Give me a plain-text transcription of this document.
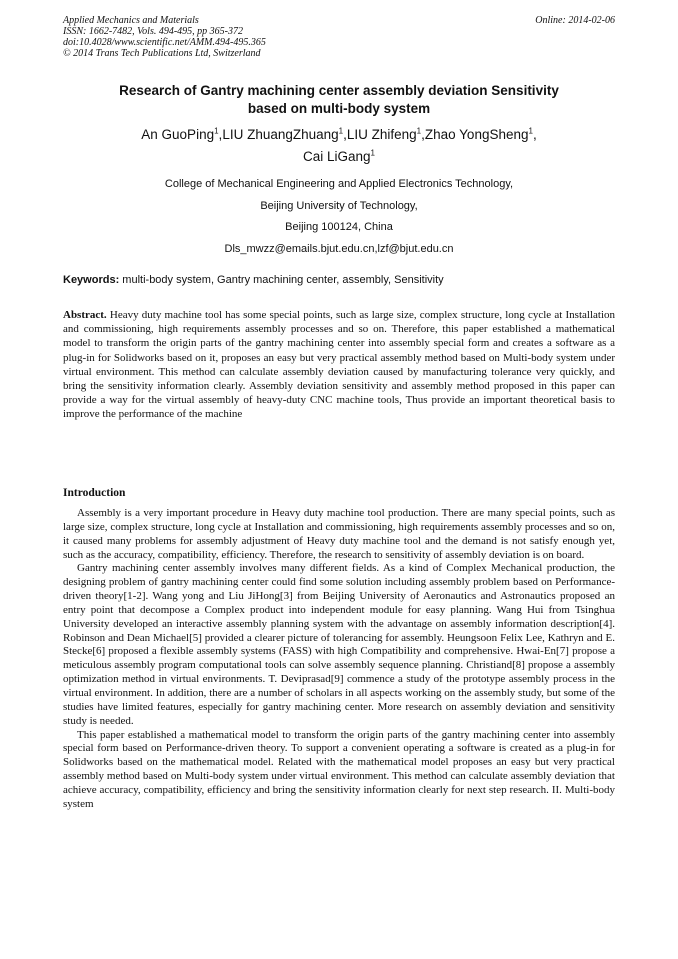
Applied Mechanics and Materials
ISSN: 1662-7482, Vols. 494-495, pp 365-372
doi:10.4028/www.scientific.net/AMM.494-495.365
© 2014 Trans Tech Publications Ltd, Switzerland
Online: 2014-02-06
Research of Gantry machining center assembly deviation Sensitivity
based on multi-body system
An GuoPing$^1$,LIU ZhuangZhuang$^1$,LIU Zhifeng$^1$,Zhao YongSheng$^1$,
Cai LiGang$^1$
College of Mechanical Engineering and Applied Electronics Technology,
Beijing University of Technology,
Beijing 100124, China
Dls_mwzz@emails.bjut.edu.cn,lzf@bjut.edu.cn
Keywords: multi-body system, Gantry machining center, assembly, Sensitivity
Abstract. Heavy duty machine tool has some special points, such as large size, complex structure, long cycle at Installation and commissioning, high requirements assembly processes and so on. Therefore, this paper established a mathematical model to transform the origin parts of the gantry machining center into assembly special form and creates a software as a plug-in for Solidworks based on it, proposes an easy but very practical assembly method based on Multi-body system under virtual environment. This method can calculate assembly deviation caused by manufacturing tolerance very quickly, and bring the sensitivity information clearly. Assembly deviation sensitivity and assembly method proposed in this paper can provide a way for the virtual assembly of heavy-duty CNC machine tools, Thus provide an important theoretical basis to improve the performance of the machine
Introduction

Assembly is a very important procedure in Heavy duty machine tool production. There are many special points, such as large size, complex structure, long cycle at Installation and commissioning, high requirements assembly processes and so on, it caused many problems for assembly adjustment of Heavy duty machine tool and the demand is not satisfy enough yet, such as the accuracy, compatibility, efficiency. Therefore, the research to sensitivity of assembly deviation is on board.

Gantry machining center assembly involves many different fields. As a kind of Complex Mechanical production, the designing problem of gantry machining center could find some solution including assembly problem based on Performance-driven theory[1-2]. Wang yong and Liu JiHong[3] from Beijing University of Aeronautics and Astronautics proposed an entry point that decompose a Complex product into independent module for easy planning. Wang Hui from Tsinghua University developed an interactive assembly planning system with the advantage on assembly information description[4]. Robinson and Dean Michael[5] provided a clearer picture of tolerancing for assembly. Heungsoon Felix Lee, Kathryn and E. Stecke[6] proposed a flexible assembly systems (FASS) with high Compatibility and comprehensive. Hwai-En[7] propose a meticulous assembly program computational tools can solve assembly sequence planning. Christiand[8] propose a assembly optimization method in virtual environments. T. Deviprasad[9] commence a study of the prototype assembly process in the virtual environment. In addition, there are a number of scholars in all aspects working on the assembly study, but some of the studies have limited features, especially for gantry machining center. More research on assembly deviation and sensitivity study is needed.

This paper established a mathematical model to transform the origin parts of the gantry machining center into assembly special form based on Performance-driven theory. To support a convenient operating a software is created as a plug-in for Solidworks based on the mathematical model. Related with the mathematical model proposes an easy but very practical assembly method based on Multi-body system under virtual environment. This method can calculate assembly deviation that achieve accuracy, compatibility, efficiency and bring the sensitivity information clearly for next step research. II. Multi-body system
